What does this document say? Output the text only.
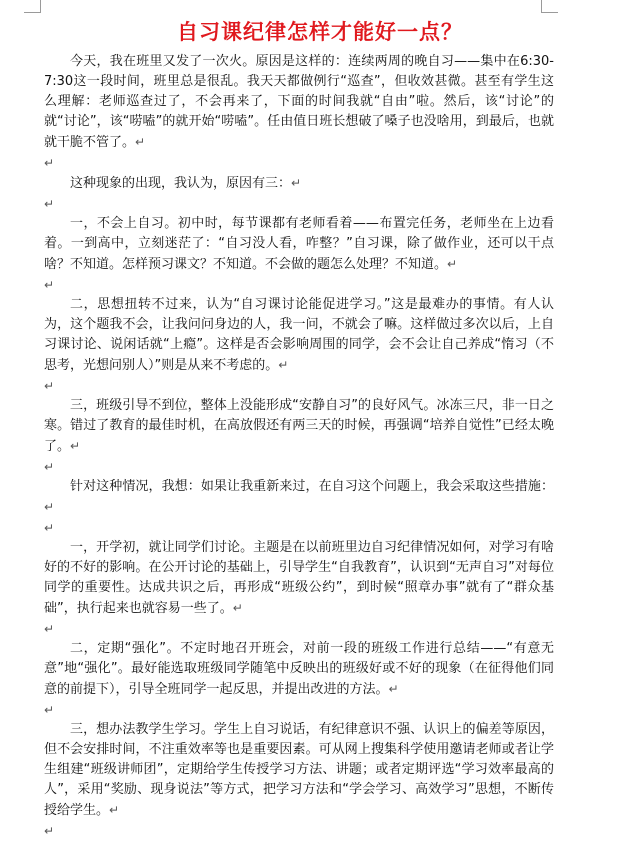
自习课纪律怎样才能好一点？

今天，我在班里又发了一次火。原因是这样的：连续两周的晚自习——集中在6:30-7:30这一段时间，班里总是很乱。我天天都做例行“巡查”，但收效甚微。甚至有学生这么理解：老师巡查过了，不会再来了，下面的时间我就“自由”啦。然后，该“讨论”的就“讨论”，该“唠嗑”的就开始“唠嗑”。任由值日班长想破了嗓子也没啥用，到最后，也就就干脆不管了。↵

↵

这种现象的出现，我认为，原因有三：↵

↵

一，不会上自习。初中时，每节课都有老师看着——布置完任务，老师坐在上边看着。一到高中，立刻迷茫了：“自习没人看，咋整？”自习课，除了做作业，还可以干点啥？不知道。怎样预习课文？不知道。不会做的题怎么处理？不知道。↵

↵

二，思想扭转不过来，认为“自习课讨论能促进学习。”这是最难办的事情。有人认为，这个题我不会，让我问问身边的人，我一问，不就会了嘛。这样做过多次以后，上自习课讨论、说闲话就“上瘾”。这样是否会影响周围的同学，会不会让自己养成“惰习（不思考，光想问别人）”则是从来不考虑的。↵

↵

三，班级引导不到位，整体上没能形成“安静自习”的良好风气。冰冻三尺，非一日之寒。错过了教育的最佳时机，在高放假还有两三天的时候，再强调“培养自觉性”已经太晚了。↵

↵

针对这种情况，我想：如果让我重新来过，在自习这个问题上，我会采取这些措施：↵

↵

一，开学初，就让同学们讨论。主题是在以前班里边自习纪律情况如何，对学习有啥好的不好的影响。在公开讨论的基础上，引导学生“自我教育”，认识到“无声自习”对每位同学的重要性。达成共识之后，再形成“班级公约”，到时候“照章办事”就有了“群众基础”，执行起来也就容易一些了。↵

↵

二，定期“强化”。不定时地召开班会，对前一段的班级工作进行总结——“有意无意”地“强化”。最好能选取班级同学随笔中反映出的班级好或不好的现象（在征得他们同意的前提下），引导全班同学一起反思，并提出改进的方法。↵

↵

三，想办法教学生学习。学生上自习说话，有纪律意识不强、认识上的偏差等原因，但不会安排时间，不注重效率等也是重要因素。可从网上搜集科学使用邀请老师或者让学生组建“班级讲师团”，定期给学生传授学习方法、讲题；或者定期评选“学习效率最高的人”，采用“奖励、现身说法”等方式，把学习方法和“学会学习、高效学习”思想，不断传授给学生。↵

↵
